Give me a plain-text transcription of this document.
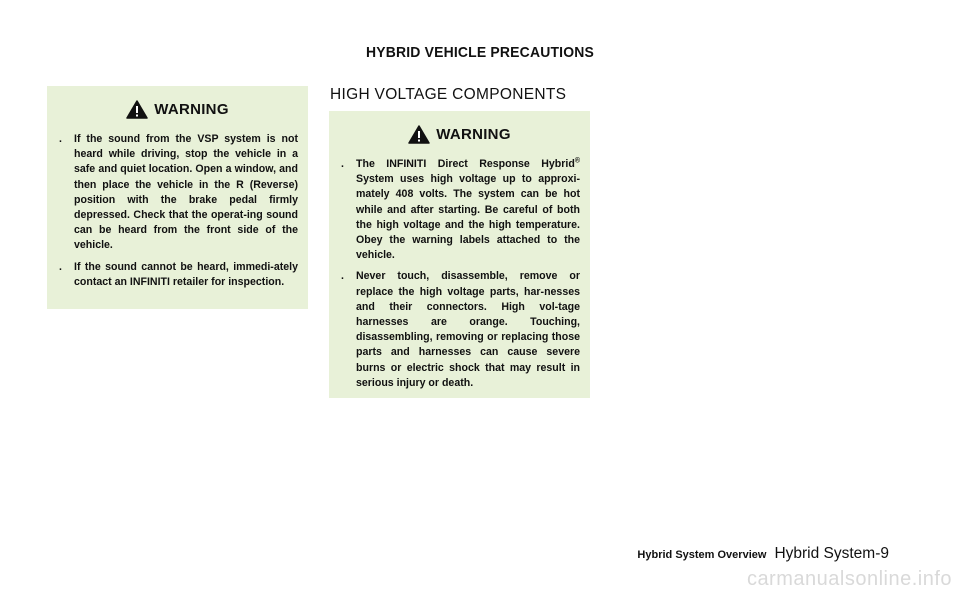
HYBRID VEHICLE PRECAUTIONS
WARNING
. If the sound from the VSP system is not heard while driving, stop the vehicle in a safe and quiet location. Open a window, and then place the vehicle in the R (Reverse) position with the brake pedal firmly depressed. Check that the operat-ing sound can be heard from the front side of the vehicle.
. If the sound cannot be heard, immedi-ately contact an INFINITI retailer for inspection.
HIGH VOLTAGE COMPONENTS
WARNING
. The INFINITI Direct Response Hybrid® System uses high voltage up to approxi-mately 408 volts. The system can be hot while and after starting. Be careful of both the high voltage and the high temperature. Obey the warning labels attached to the vehicle.
. Never touch, disassemble, remove or replace the high voltage parts, har-nesses and their connectors. High vol-tage harnesses are orange. Touching, disassembling, removing or replacing those parts and harnesses can cause severe burns or electric shock that may result in serious injury or death.
Hybrid System Overview Hybrid System-9
carmanualsonline.info
